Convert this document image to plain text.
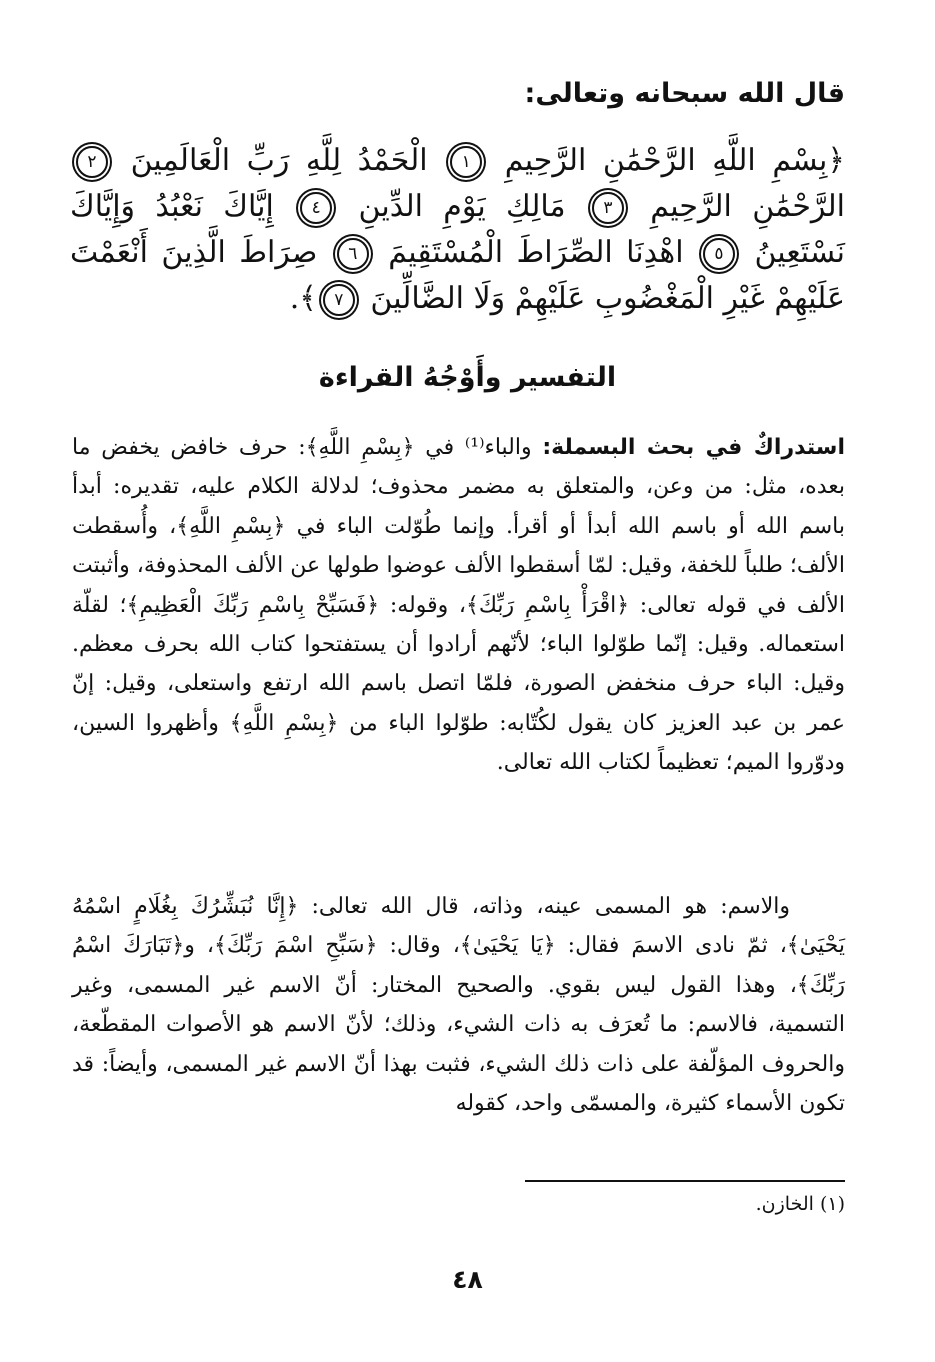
قال الله سبحانه وتعالى:
﴿بِسْمِ اللَّهِ الرَّحْمَٰنِ الرَّحِيمِ ١ الْحَمْدُ لِلَّهِ رَبِّ الْعَالَمِينَ ٢ الرَّحْمَٰنِ الرَّحِيمِ ٣ مَالِكِ يَوْمِ الدِّينِ ٤ إِيَّاكَ نَعْبُدُ وَإِيَّاكَ نَسْتَعِينُ ٥ اهْدِنَا الصِّرَاطَ الْمُسْتَقِيمَ ٦ صِرَاطَ الَّذِينَ أَنْعَمْتَ عَلَيْهِمْ غَيْرِ الْمَغْضُوبِ عَلَيْهِمْ وَلَا الضَّالِّينَ ٧﴾.
التفسير وأَوْجُهُ القراءة
استدراكٌ في بحث البسملة: والباء⁽¹⁾ في ﴿بِسْمِ اللَّهِ﴾: حرف خافض يخفض ما بعده، مثل: من وعن، والمتعلق به مضمر محذوف؛ لدلالة الكلام عليه، تقديره: أبدأ باسم الله أو باسم الله أبدأ أو أقرأ. وإنما طُوّلت الباء في ﴿بِسْمِ اللَّهِ﴾، وأُسقطت الألف؛ طلباً للخفة، وقيل: لمّا أسقطوا الألف عوضوا طولها عن الألف المحذوفة، وأثبتت الألف في قوله تعالى: ﴿اقْرَأْ بِاسْمِ رَبِّكَ﴾، وقوله: ﴿فَسَبِّحْ بِاسْمِ رَبِّكَ الْعَظِيمِ﴾؛ لقلّة استعماله. وقيل: إنّما طوّلوا الباء؛ لأنّهم أرادوا أن يستفتحوا كتاب الله بحرف معظم. وقيل: الباء حرف منخفض الصورة، فلمّا اتصل باسم الله ارتفع واستعلى، وقيل: إنّ عمر بن عبد العزيز كان يقول لكُتّابه: طوّلوا الباء من ﴿بِسْمِ اللَّهِ﴾ وأظهروا السين، ودوّروا الميم؛ تعظيماً لكتاب الله تعالى.
والاسم: هو المسمى عينه، وذاته، قال الله تعالى: ﴿إِنَّا نُبَشِّرُكَ بِغُلَامٍ اسْمُهُ يَحْيَىٰ﴾، ثمّ نادى الاسمَ فقال: ﴿يَا يَحْيَىٰ﴾، وقال: ﴿سَبِّحِ اسْمَ رَبِّكَ﴾، و﴿تَبَارَكَ اسْمُ رَبِّكَ﴾، وهذا القول ليس بقوي. والصحيح المختار: أنّ الاسم غير المسمى، وغير التسمية، فالاسم: ما تُعرَف به ذات الشيء، وذلك؛ لأنّ الاسم هو الأصوات المقطّعة، والحروف المؤلّفة على ذات ذلك الشيء، فثبت بهذا أنّ الاسم غير المسمى، وأيضاً: قد تكون الأسماء كثيرة، والمسمّى واحد، كقوله
(١) الخازن.
٤٨
